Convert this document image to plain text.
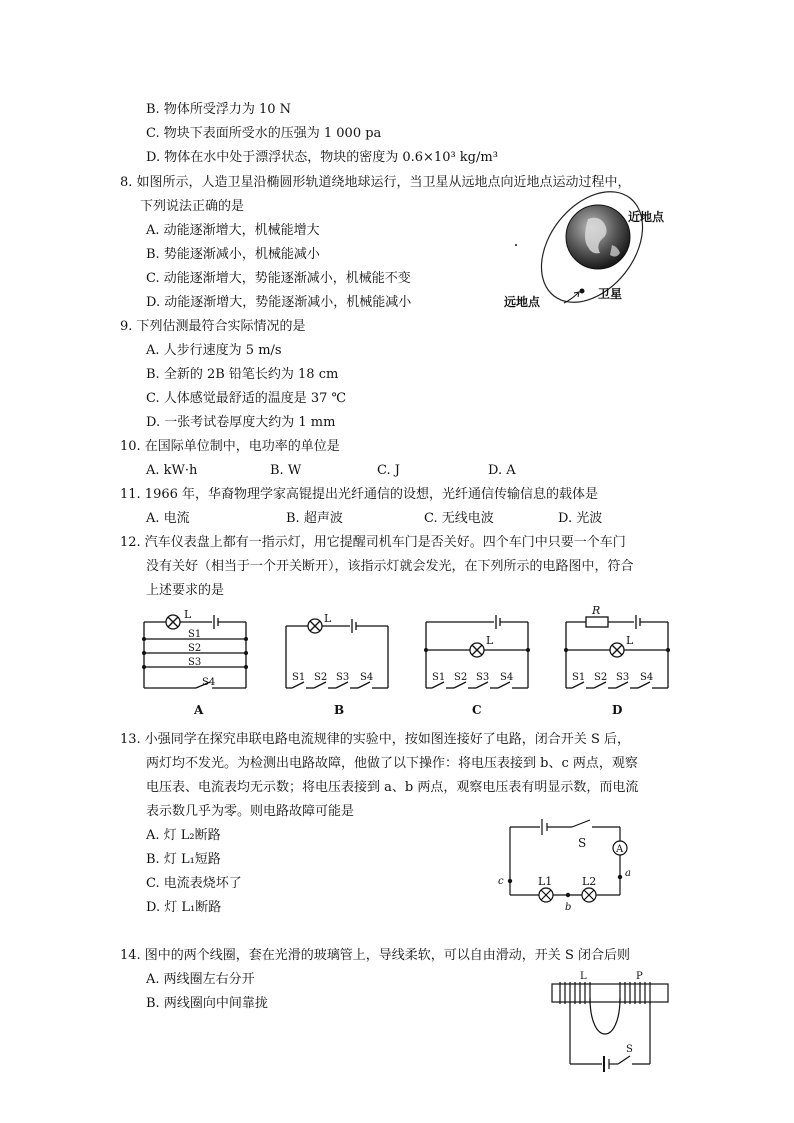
B. 物体所受浮力为 10 N
C. 物块下表面所受水的压强为 1 000 pa
D. 物体在水中处于漂浮状态，物块的密度为 0.6×10³ kg/m³
8. 如图所示，人造卫星沿椭圆形轨道绕地球运行，当卫星从远地点向近地点运动过程中，
下列说法正确的是
A. 动能逐渐增大，机械能增大
B. 势能逐渐减小，机械能减小
C. 动能逐渐增大，势能逐渐减小，机械能不变
D. 动能逐渐增大，势能逐渐减小，机械能减小
近地点
远地点
卫星
9. 下列估测最符合实际情况的是
A. 人步行速度为 5 m/s
B. 全新的 2B 铅笔长约为 18 cm
C. 人体感觉最舒适的温度是 37 ℃
D. 一张考试卷厚度大约为 1 mm
10. 在国际单位制中，电功率的单位是
A. kW·h	B. W	C. J	D. A
11. 1966 年，华裔物理学家高锟提出光纤通信的设想，光纤通信传输信息的载体是
A. 电流	B. 超声波	C. 无线电波	D. 光波
12. 汽车仪表盘上都有一指示灯，用它提醒司机车门是否关好。四个车门中只要一个车门
没有关好（相当于一个开关断开），该指示灯就会发光，在下列所示的电路图中，符合
上述要求的是
L
S1
S2
S3
S4
A
L
S1 S2 S3 S4
B
L
S1 S2 S3 S4
C
R
L
S1 S2 S3 S4
D
13. 小强同学在探究串联电路电流规律的实验中，按如图连接好了电路，闭合开关 S 后，
两灯均不发光。为检测出电路故障，他做了以下操作：将电压表接到 b、c 两点，观察
电压表、电流表均无示数；将电压表接到 a、b 两点，观察电压表有明显示数，而电流
表示数几乎为零。则电路故障可能是
A. 灯 L₂断路
B. 灯 L₁短路
C. 电流表烧坏了
D. 灯 L₁断路
S	A
L1	L2
a
b
c
14. 图中的两个线圈，套在光滑的玻璃管上，导线柔软，可以自由滑动，开关 S 闭合后则
A. 两线圈左右分开
B. 两线圈向中间靠拢
L	P
S
